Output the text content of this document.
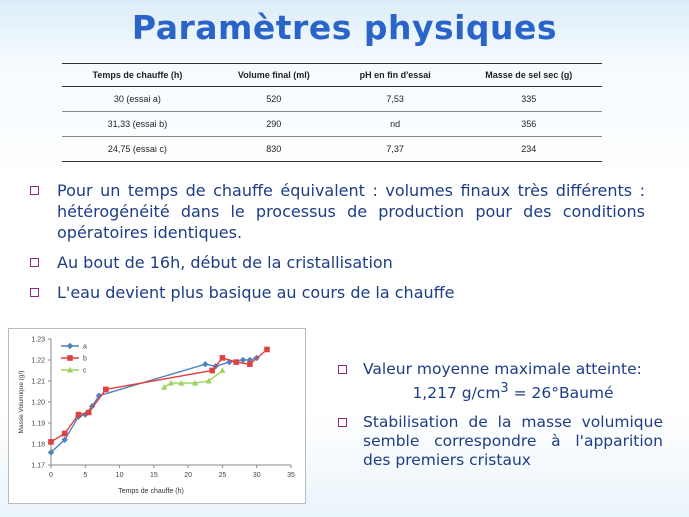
Paramètres physiques
Temps de chauffe (h)	Volume final (ml)	pH en fin d'essai	Masse de sel sec (g)
30 (essai a)	520	7,53	335
31,33 (essai b)	290	nd	356
24,75 (essai c)	830	7,37	234
Pour un temps de chauffe équivalent : volumes finaux très différents : hétérogénéité dans le processus de production pour des conditions opératoires identiques.
Au bout de 16h, début de la cristallisation
L'eau devient plus basique au cours de la chauffe
1.17
1.18
1.19
1.20
1.21
1.22
1.23
0	5	10	15	20	25	30	35
Temps de chauffe (h)
Masse Volumique (g/)
a
b
c	Valeur moyenne maximale atteinte:
1,217 $g/cm^3$ = 26°Baumé
Stabilisation de la masse volumique semble correspondre à l'apparition des premiers cristaux
